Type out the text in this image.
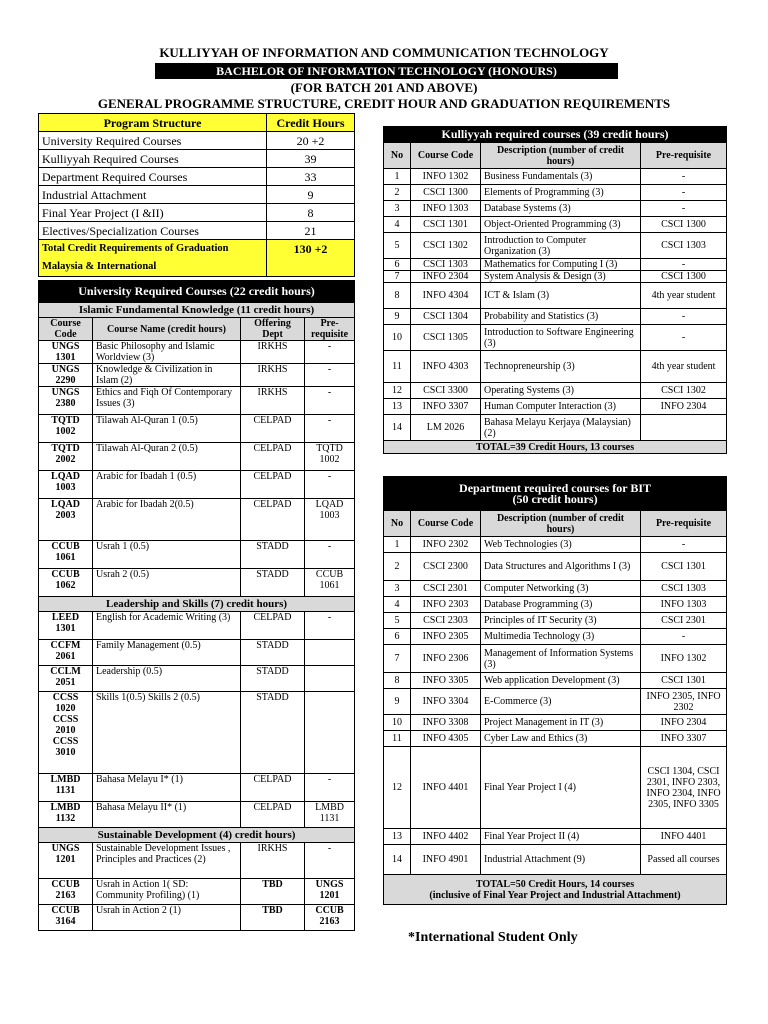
KULLIYYAH OF INFORMATION AND COMMUNICATION TECHNOLOGY
BACHELOR OF INFORMATION TECHNOLOGY (HONOURS)
(FOR BATCH 201 AND ABOVE)
GENERAL PROGRAMME STRUCTURE, CREDIT HOUR AND GRADUATION REQUIREMENTS
Program Structure	Credit Hours
University Required Courses	20 +2
Kulliyyah Required Courses	39
Department Required Courses	33
Industrial Attachment	9
Final Year Project (I &II)	8
Electives/Specialization Courses	21

Total Credit Requirements of Graduation
Malaysia & International	130 +2
University Required Courses (22 credit hours)			
Islamic Fundamental Knowledge (11 credit hours)			
Course Code	Course Name (credit hours)	Offering Dept	Pre-requisite
UNGS 1301	Basic Philosophy and Islamic Worldview (3)	IRKHS	-
UNGS 2290	Knowledge & Civilization in Islam (2)	IRKHS	-
UNGS 2380	Ethics and Fiqh Of Contemporary Issues (3)	IRKHS	-
TQTD 1002	Tilawah Al-Quran 1 (0.5)	CELPAD	-
TQTD 2002	Tilawah Al-Quran 2 (0.5)	CELPAD	TQTD 1002
LQAD 1003	Arabic for Ibadah 1 (0.5)	CELPAD	-
LQAD 2003	Arabic for Ibadah 2(0.5)	CELPAD	LQAD 1003
CCUB 1061	Usrah 1 (0.5)	STADD	-
CCUB 1062	Usrah 2 (0.5)	STADD	CCUB 1061
Leadership and Skills (7) credit hours)			
LEED 1301	English for Academic Writing (3)	CELPAD	-
CCFM 2061	Family Management (0.5)	STADD	
CCLM 2051	Leadership (0.5)	STADD	
CCSS 1020 CCSS 2010 CCSS 3010	Skills 1(0.5) Skills 2 (0.5)	STADD	
LMBD 1131	Bahasa Melayu I* (1)	CELPAD	-
LMBD 1132	Bahasa Melayu II* (1)	CELPAD	LMBD 1131
Sustainable Development (4) credit hours)			
UNGS 1201	Sustainable Development Issues , Principles and Practices (2)	IRKHS	-
CCUB 2163	Usrah in Action 1( SD: Community Profiling) (1)	TBD	UNGS 1201
CCUB 3164	Usrah in Action 2 (1)	TBD	CCUB 2163
Kulliyyah required courses (39 credit hours)			
No	Course Code	Description (number of credit hours)	Pre-requisite
1	INFO 1302	Business Fundamentals (3)	-
2	CSCI 1300	Elements of Programming (3)	-
3	INFO 1303	Database Systems (3)	-
4	CSCI 1301	Object-Oriented Programming (3)	CSCI 1300
5	CSCI 1302	Introduction to Computer Organization (3)	CSCI 1303
6	CSCI 1303	Mathematics for Computing I (3)	-
7	INFO 2304	System Analysis & Design (3)	CSCI 1300
8	INFO 4304	ICT & Islam (3)	4th year student
9	CSCI 1304	Probability and Statistics (3)	-
10	CSCI 1305	Introduction to Software Engineering (3)	-
11	INFO 4303	Technopreneurship (3)	4th year student
12	CSCI 3300	Operating Systems (3)	CSCI 1302
13	INFO 3307	Human Computer Interaction (3)	INFO 2304
14	LM 2026	Bahasa Melayu Kerjaya (Malaysian) (2)	
TOTAL=39 Credit Hours, 13 courses			
Department required courses for BIT
(50 credit hours)			

No	Course Code	Description (number of credit hours)	Pre-requisite
1	INFO 2302	Web Technologies (3)	-
2	CSCI 2300	Data Structures and Algorithms I (3)	CSCI 1301
3	CSCI 2301	Computer Networking (3)	CSCI 1303
4	INFO 2303	Database Programming (3)	INFO 1303
5	CSCI 2303	Principles of IT Security (3)	CSCI 2301
6	INFO 2305	Multimedia Technology (3)	-
7	INFO 2306	Management of Information Systems (3)	INFO 1302
8	INFO 3305	Web application Development (3)	CSCI 1301
9	INFO 3304	E-Commerce (3)	INFO 2305, INFO 2302
10	INFO 3308	Project Management in IT (3)	INFO 2304
11	INFO 4305	Cyber Law and Ethics (3)	INFO 3307
12	INFO 4401	Final Year Project I (4)	CSCI 1304, CSCI 2301, INFO 2303, INFO 2304, INFO 2305, INFO 3305
13	INFO 4402	Final Year Project II (4)	INFO 4401
14	INFO 4901	Industrial Attachment (9)	Passed all courses

TOTAL=50 Credit Hours, 14 courses
(inclusive of Final Year Project and Industrial Attachment)			
*International Student Only
